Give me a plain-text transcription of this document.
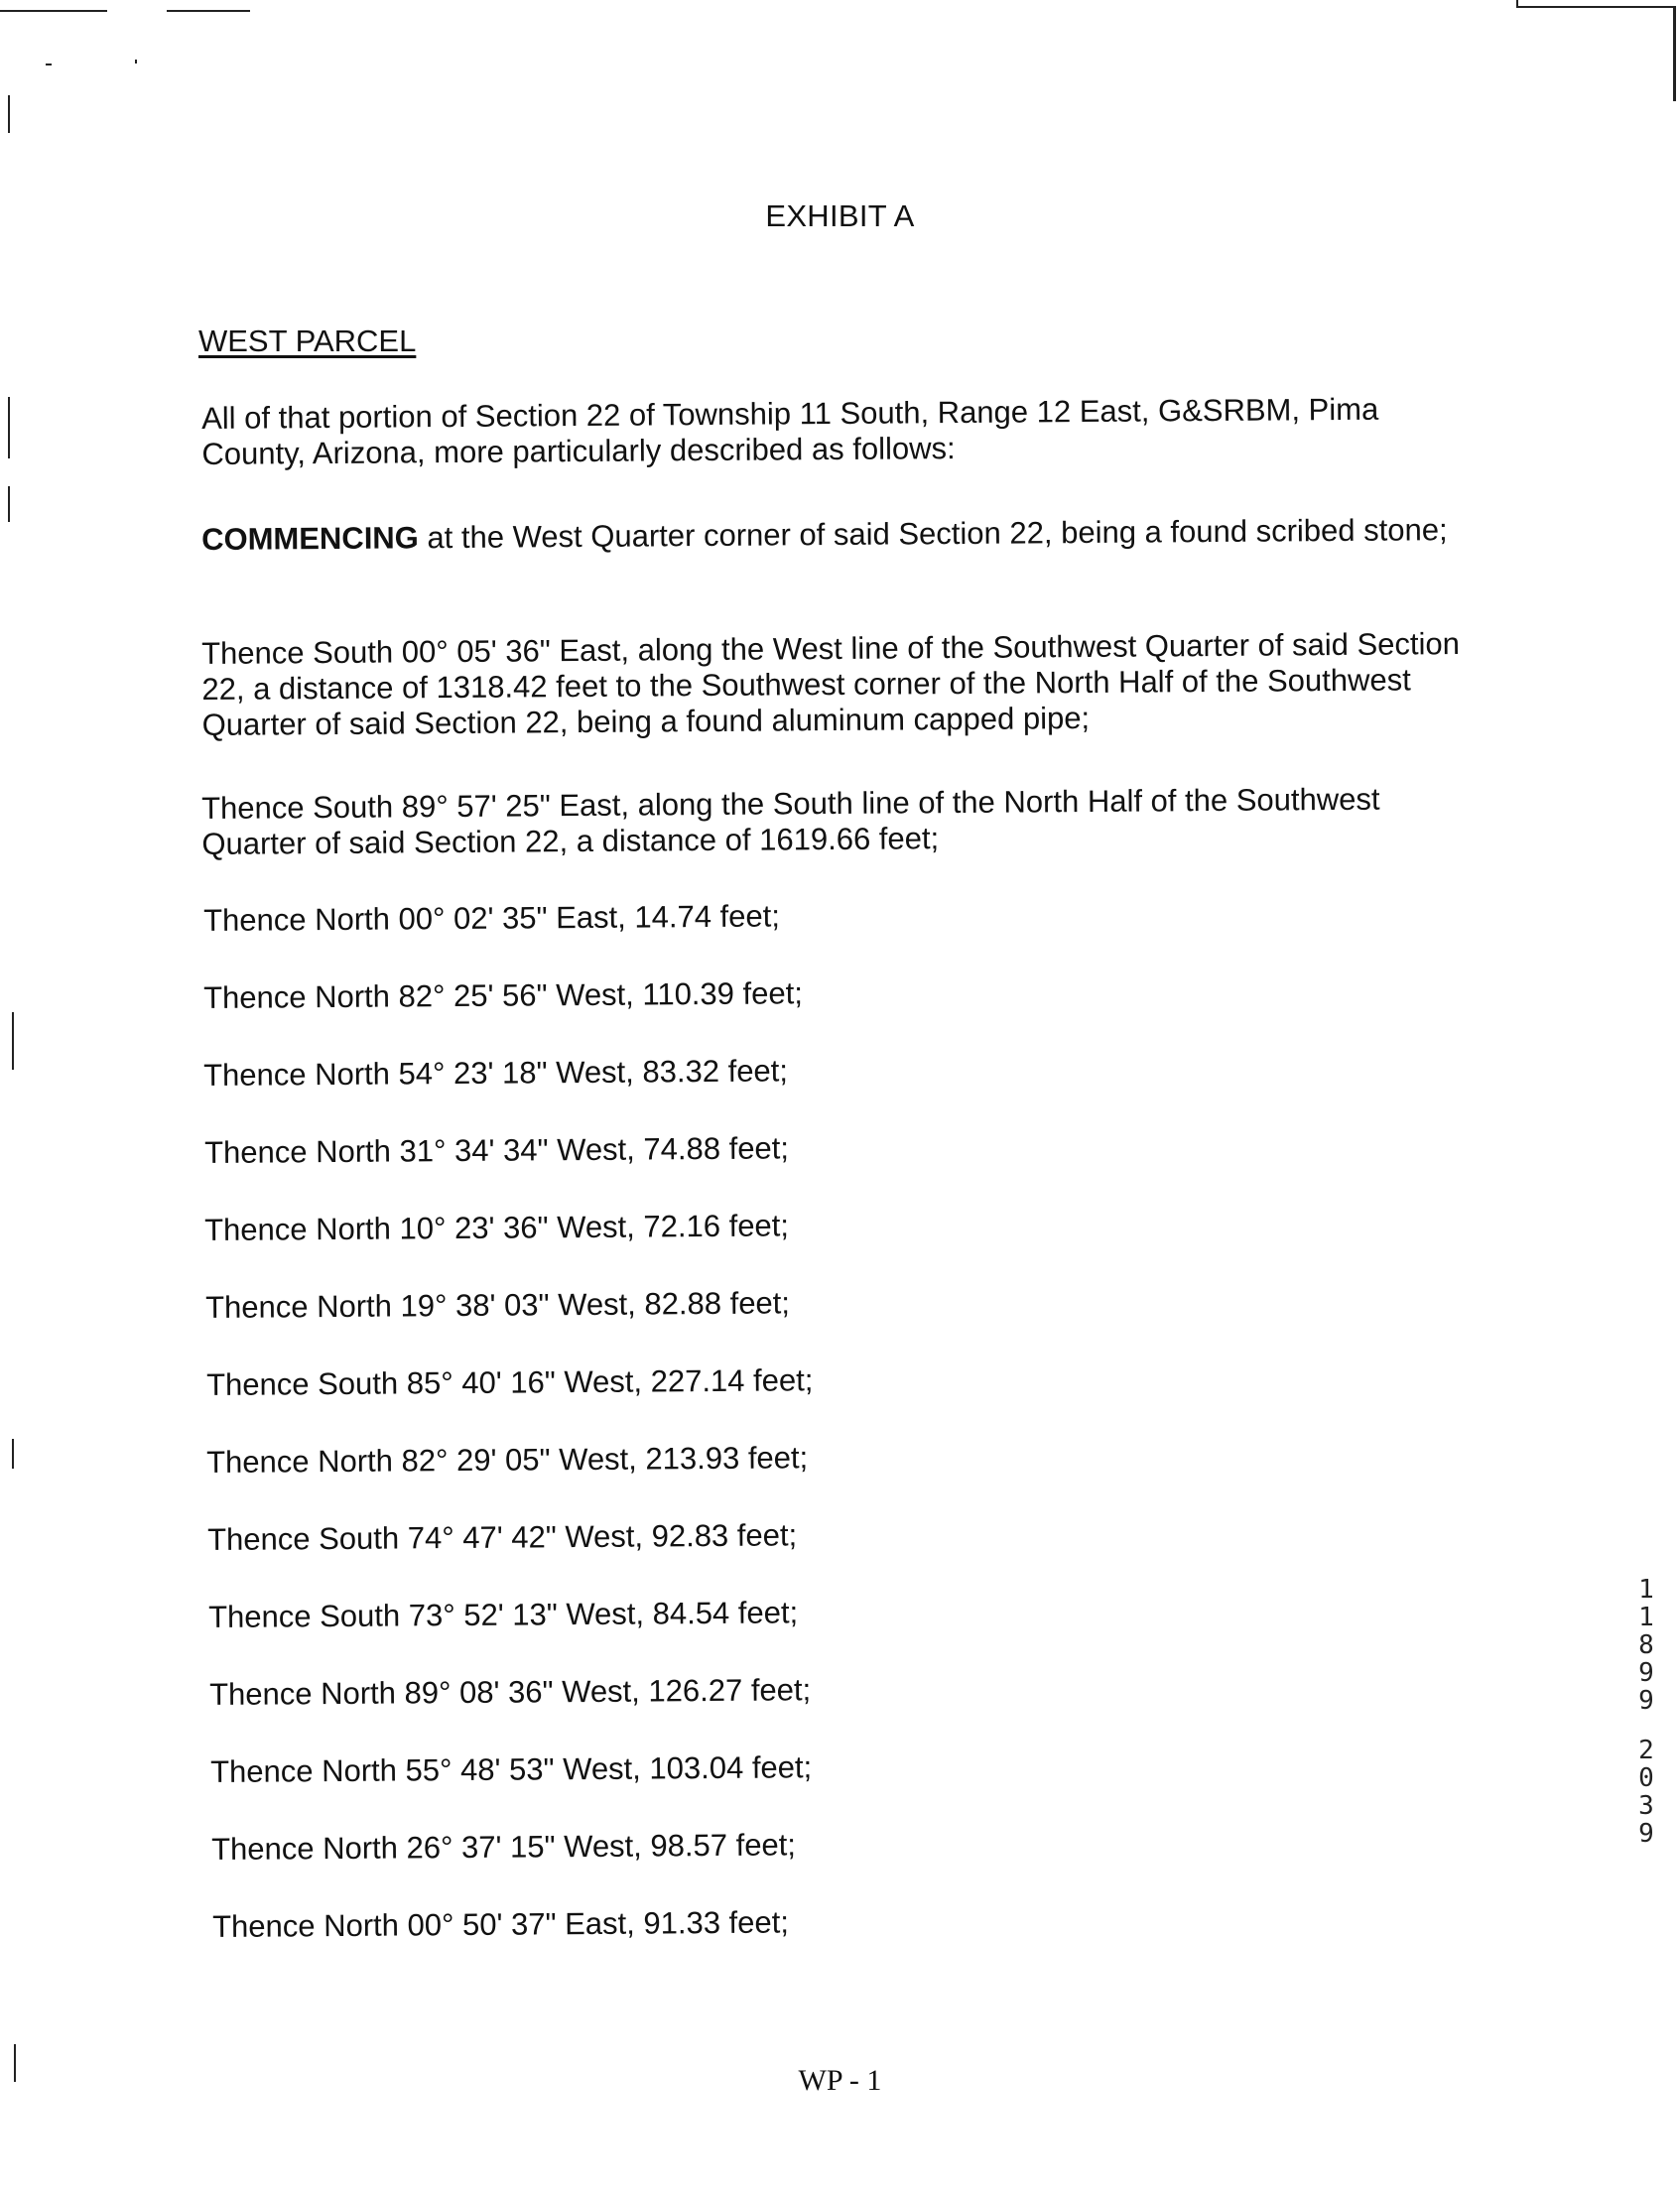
EXHIBIT A
WEST PARCEL
All of that portion of Section 22 of Township 11 South, Range 12 East, G&SRBM, Pima County, Arizona, more particularly described as follows:
COMMENCING at the West Quarter corner of said Section 22, being a found scribed stone;
Thence South 00° 05' 36" East, along the West line of the Southwest Quarter of said Section 22, a distance of 1318.42 feet to the Southwest corner of the North Half of the Southwest Quarter of said Section 22, being a found aluminum capped pipe;
Thence South 89° 57' 25" East, along the South line of the North Half of the Southwest Quarter of said Section 22, a distance of 1619.66 feet;
Thence North 00° 02' 35" East, 14.74 feet;
Thence North 82° 25' 56" West, 110.39 feet;
Thence North 54° 23' 18" West, 83.32 feet;
Thence North 31° 34' 34" West, 74.88 feet;
Thence North 10° 23' 36" West, 72.16 feet;
Thence North 19° 38' 03" West, 82.88 feet;
Thence South 85° 40' 16" West, 227.14 feet;
Thence North 82° 29' 05" West, 213.93 feet;
Thence South 74° 47' 42" West, 92.83 feet;
Thence South 73° 52' 13" West, 84.54 feet;
Thence North 89° 08' 36" West, 126.27 feet;
Thence North 55° 48' 53" West, 103.04 feet;
Thence North 26° 37' 15" West, 98.57 feet;
Thence North 00° 50' 37" East, 91.33 feet;
1
1
8
9
9
2
0
3
9
WP - 1
